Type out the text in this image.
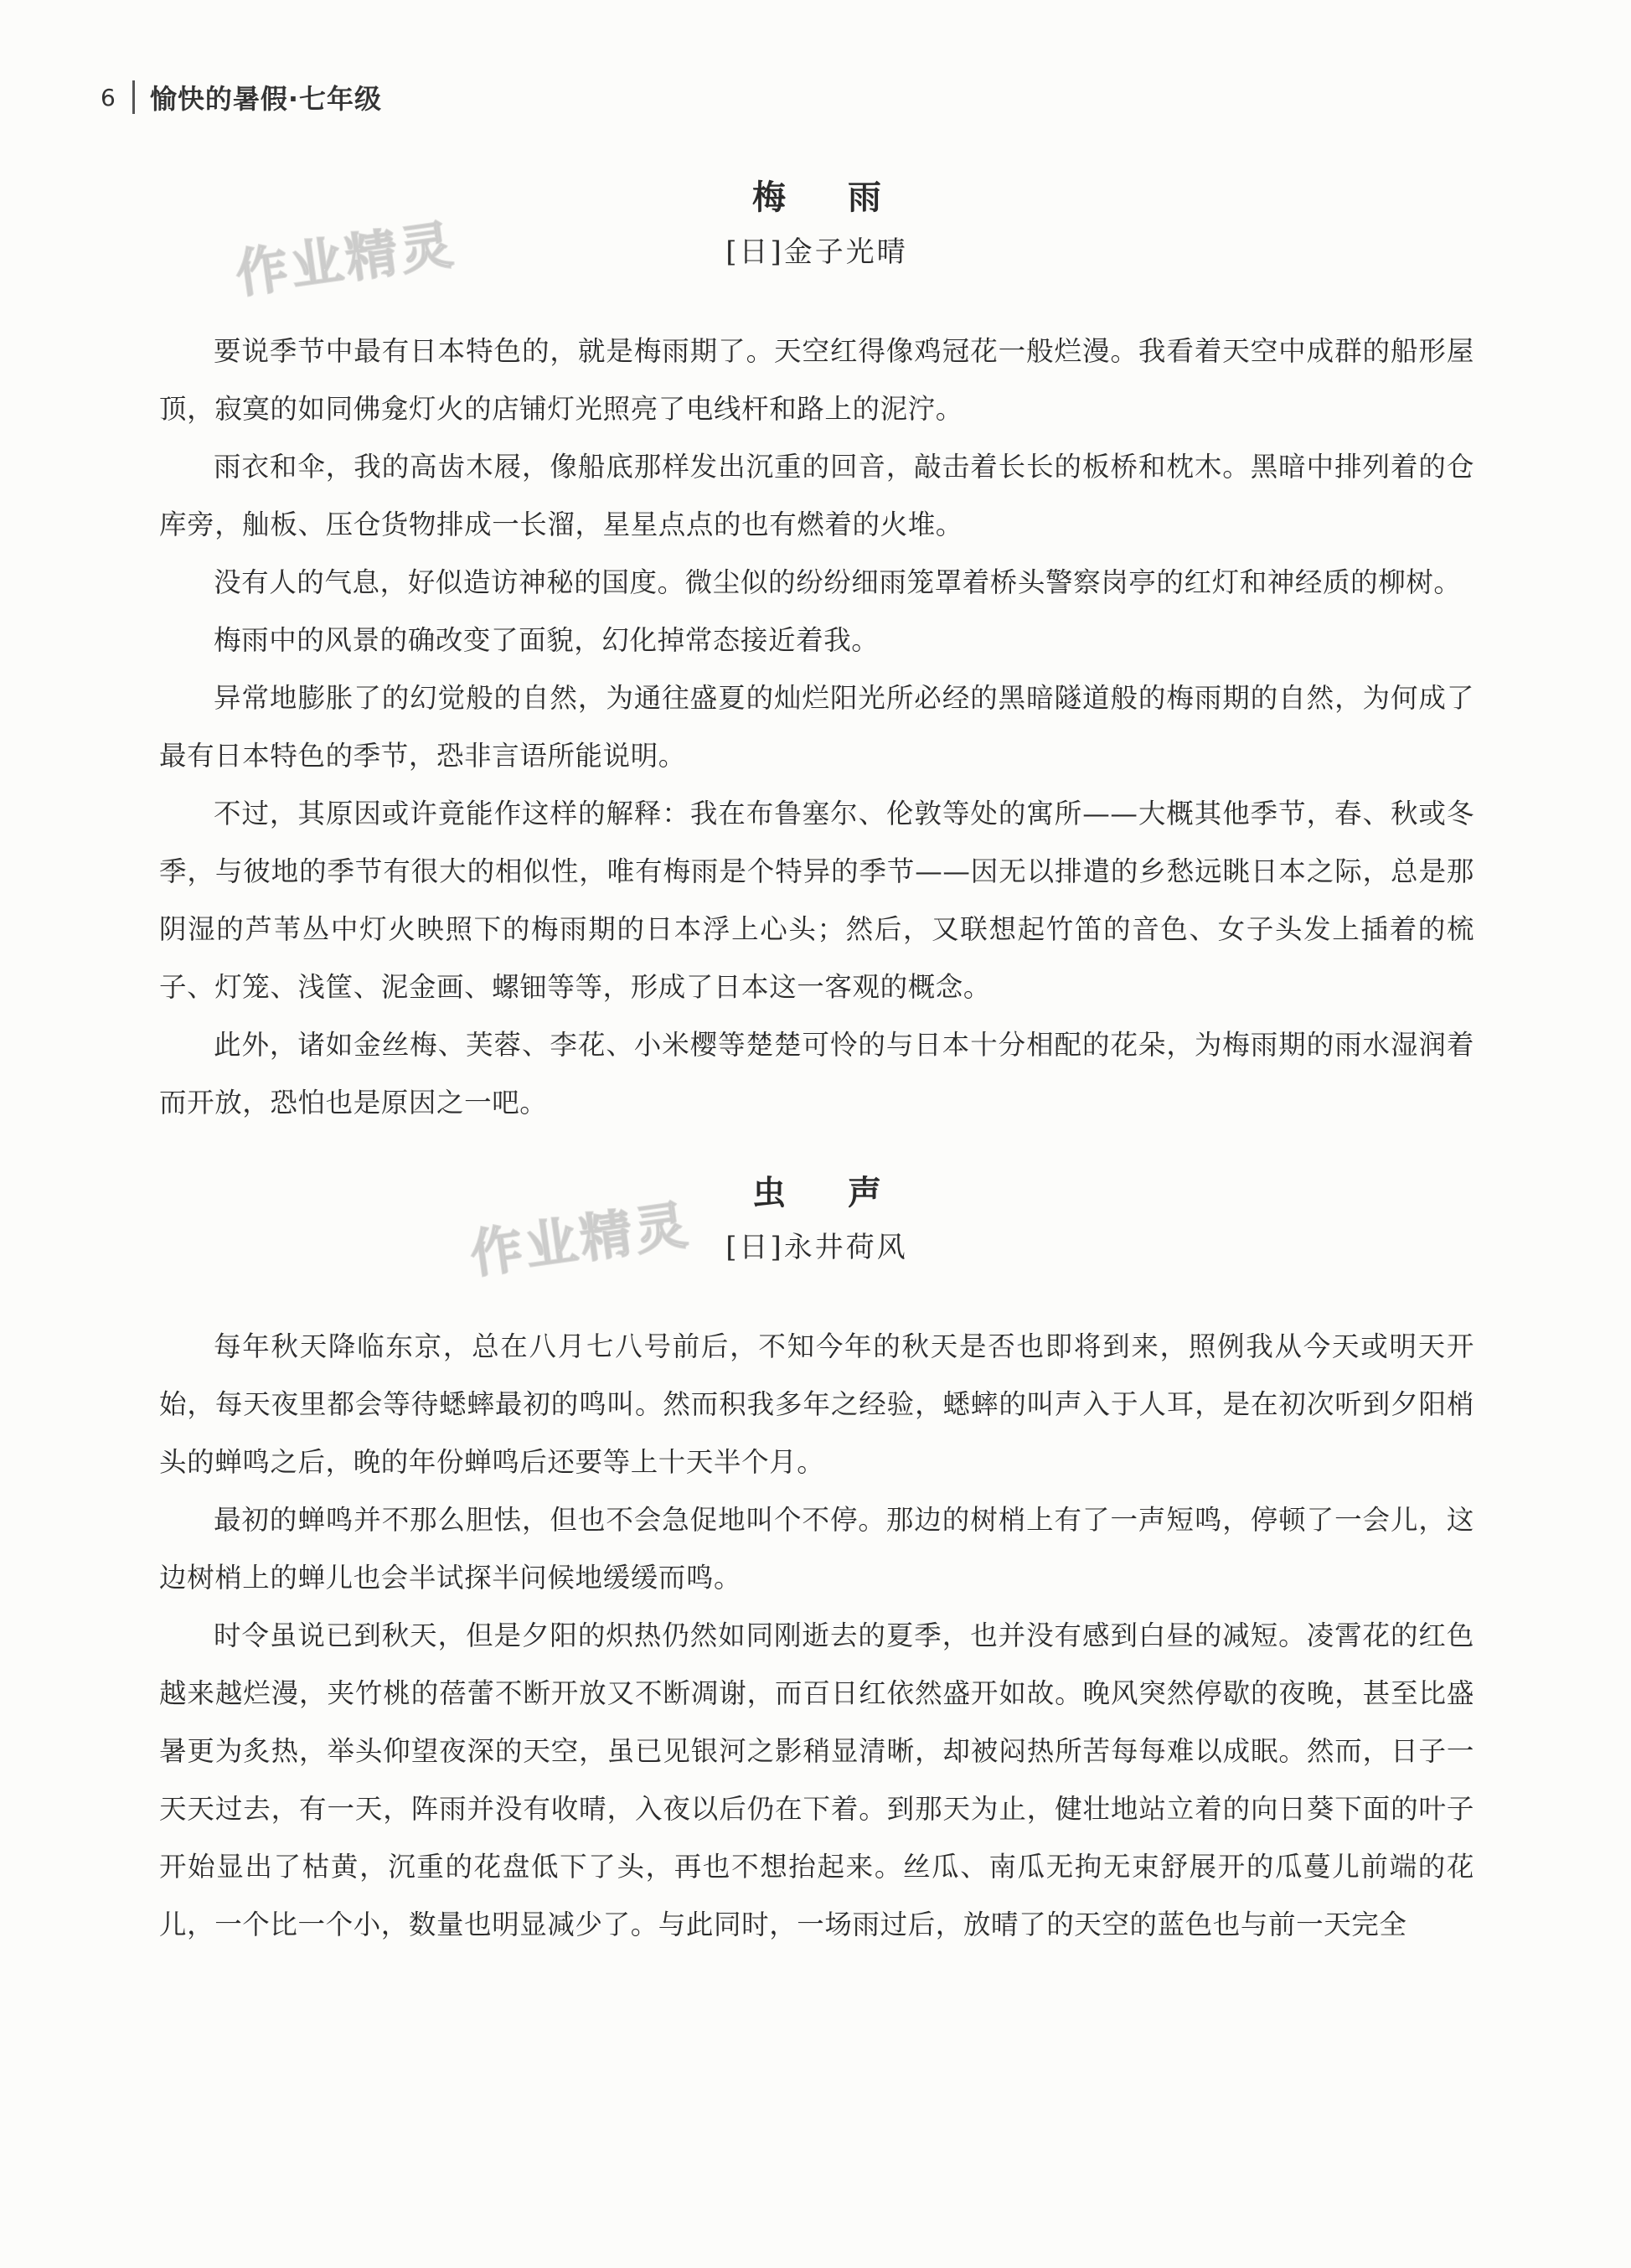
6 愉快的暑假·七年级
作业精灵
作业精灵
梅 雨
[日]金子光晴

要说季节中最有日本特色的，就是梅雨期了。天空红得像鸡冠花一般烂漫。我看着天空中成群的船形屋顶，寂寞的如同佛龛灯火的店铺灯光照亮了电线杆和路上的泥泞。

雨衣和伞，我的高齿木屐，像船底那样发出沉重的回音，敲击着长长的板桥和枕木。黑暗中排列着的仓库旁，舢板、压仓货物排成一长溜，星星点点的也有燃着的火堆。

没有人的气息，好似造访神秘的国度。微尘似的纷纷细雨笼罩着桥头警察岗亭的红灯和神经质的柳树。

梅雨中的风景的确改变了面貌，幻化掉常态接近着我。

异常地膨胀了的幻觉般的自然，为通往盛夏的灿烂阳光所必经的黑暗隧道般的梅雨期的自然，为何成了最有日本特色的季节，恐非言语所能说明。

不过，其原因或许竟能作这样的解释：我在布鲁塞尔、伦敦等处的寓所——大概其他季节，春、秋或冬季，与彼地的季节有很大的相似性，唯有梅雨是个特异的季节——因无以排遣的乡愁远眺日本之际，总是那阴湿的芦苇丛中灯火映照下的梅雨期的日本浮上心头；然后，又联想起竹笛的音色、女子头发上插着的梳子、灯笼、浅筐、泥金画、螺钿等等，形成了日本这一客观的概念。

此外，诸如金丝梅、芙蓉、李花、小米樱等楚楚可怜的与日本十分相配的花朵，为梅雨期的雨水湿润着而开放，恐怕也是原因之一吧。

虫 声
[日]永井荷风

每年秋天降临东京，总在八月七八号前后，不知今年的秋天是否也即将到来，照例我从今天或明天开始，每天夜里都会等待蟋蟀最初的鸣叫。然而积我多年之经验，蟋蟀的叫声入于人耳，是在初次听到夕阳梢头的蝉鸣之后，晚的年份蝉鸣后还要等上十天半个月。

最初的蝉鸣并不那么胆怯，但也不会急促地叫个不停。那边的树梢上有了一声短鸣，停顿了一会儿，这边树梢上的蝉儿也会半试探半问候地缓缓而鸣。

时令虽说已到秋天，但是夕阳的炽热仍然如同刚逝去的夏季，也并没有感到白昼的减短。凌霄花的红色越来越烂漫，夹竹桃的蓓蕾不断开放又不断凋谢，而百日红依然盛开如故。晚风突然停歇的夜晚，甚至比盛暑更为炙热，举头仰望夜深的天空，虽已见银河之影稍显清晰，却被闷热所苦每每难以成眠。然而，日子一天天过去，有一天，阵雨并没有收晴，入夜以后仍在下着。到那天为止，健壮地站立着的向日葵下面的叶子开始显出了枯黄，沉重的花盘低下了头，再也不想抬起来。丝瓜、南瓜无拘无束舒展开的瓜蔓儿前端的花儿，一个比一个小，数量也明显减少了。与此同时，一场雨过后，放晴了的天空的蓝色也与前一天完全
